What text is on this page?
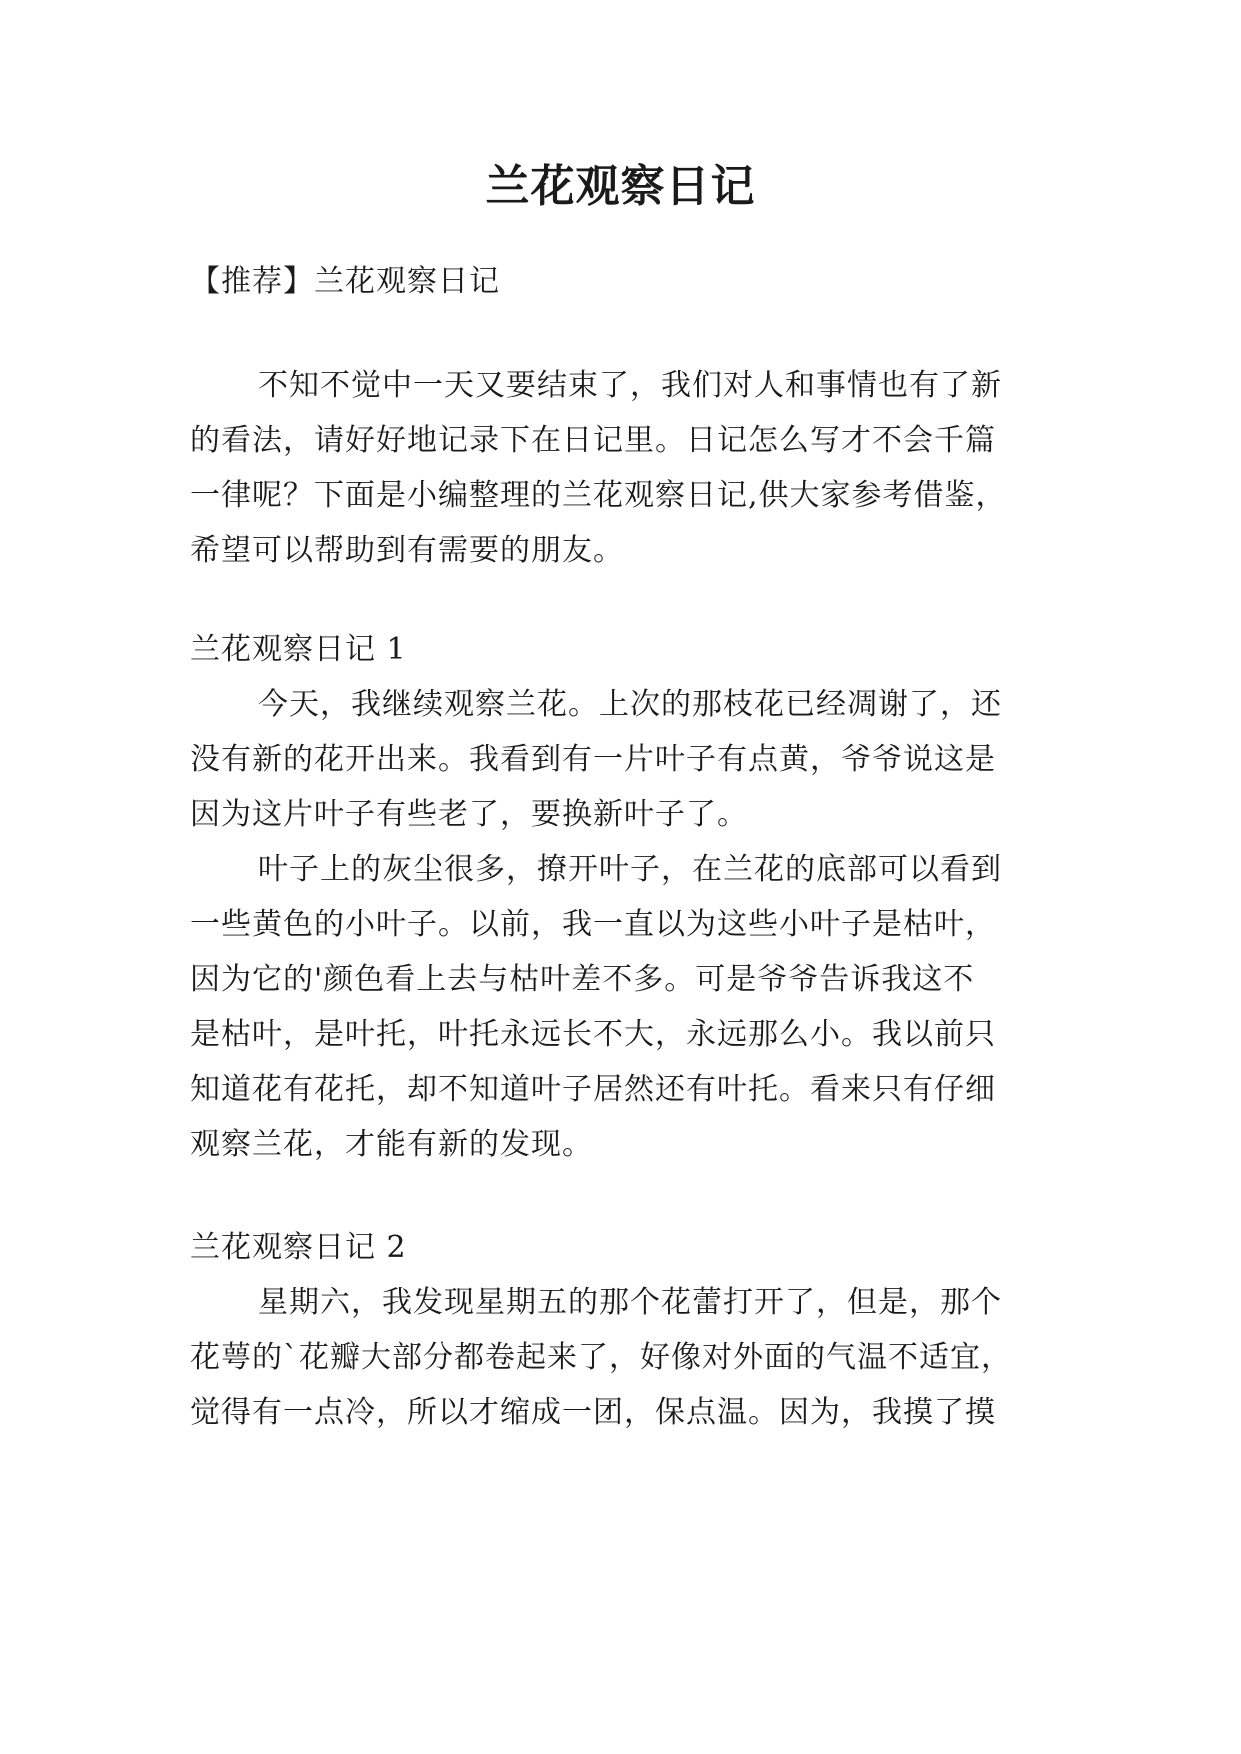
兰花观察日记
【推荐】兰花观察日记
不知不觉中一天又要结束了，我们对人和事情也有了新
的看法，请好好地记录下在日记里。日记怎么写才不会千篇
一律呢？下面是小编整理的兰花观察日记,供大家参考借鉴，
希望可以帮助到有需要的朋友。
兰花观察日记 1
今天，我继续观察兰花。上次的那枝花已经凋谢了，还
没有新的花开出来。我看到有一片叶子有点黄，爷爷说这是
因为这片叶子有些老了，要换新叶子了。
叶子上的灰尘很多，撩开叶子，在兰花的底部可以看到
一些黄色的小叶子。以前，我一直以为这些小叶子是枯叶，
因为它的'颜色看上去与枯叶差不多。可是爷爷告诉我这不
是枯叶，是叶托，叶托永远长不大，永远那么小。我以前只
知道花有花托，却不知道叶子居然还有叶托。看来只有仔细
观察兰花，才能有新的发现。
兰花观察日记 2
星期六，我发现星期五的那个花蕾打开了，但是，那个
花萼的`花瓣大部分都卷起来了，好像对外面的气温不适宜，
觉得有一点冷，所以才缩成一团，保点温。因为，我摸了摸
